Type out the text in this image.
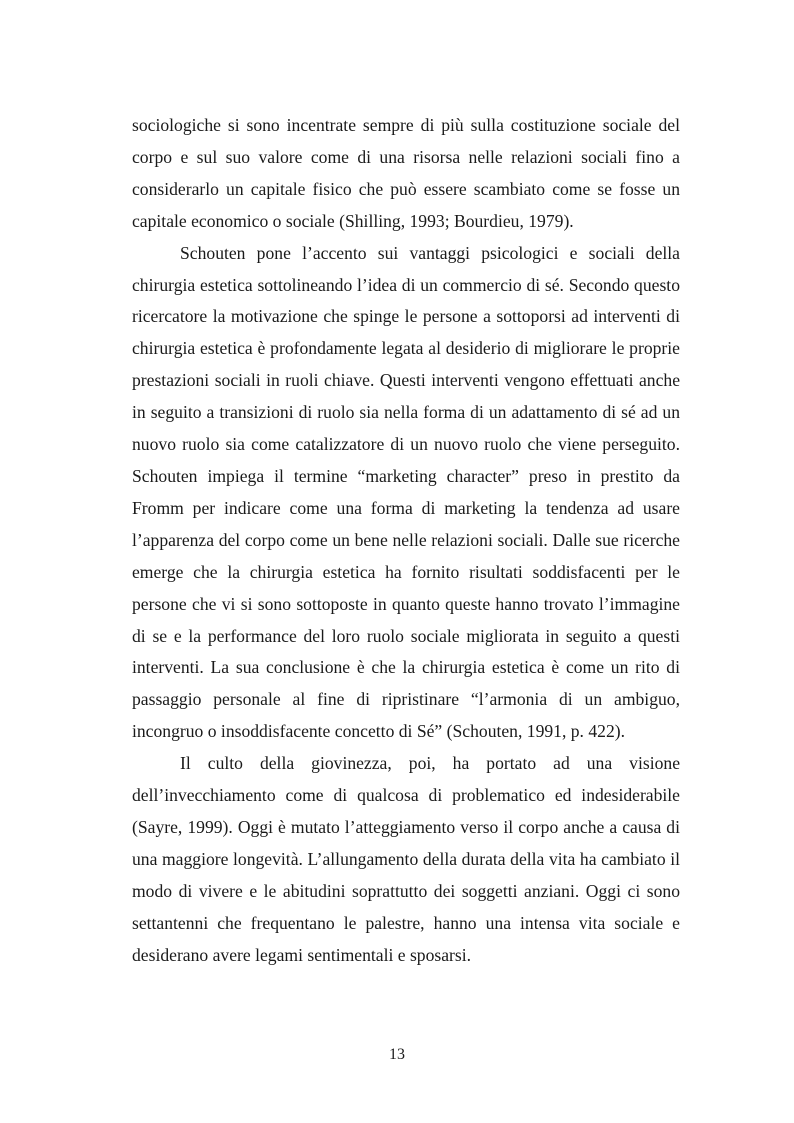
sociologiche si sono incentrate sempre di più sulla costituzione sociale del corpo e sul suo valore come di una risorsa nelle relazioni sociali fino a considerarlo un capitale fisico che può essere scambiato come se fosse un capitale economico o sociale (Shilling, 1993; Bourdieu, 1979).

Schouten pone l’accento sui vantaggi psicologici e sociali della chirurgia estetica sottolineando l’idea di un commercio di sé. Secondo questo ricercatore la motivazione che spinge le persone a sottoporsi ad interventi di chirurgia estetica è profondamente legata al desiderio di migliorare le proprie prestazioni sociali in ruoli chiave. Questi interventi vengono effettuati anche in seguito a transizioni di ruolo sia nella forma di un adattamento di sé ad un nuovo ruolo sia come catalizzatore di un nuovo ruolo che viene perseguito. Schouten impiega il termine “marketing character” preso in prestito da Fromm per indicare come una forma di marketing la tendenza ad usare l’apparenza del corpo come un bene nelle relazioni sociali. Dalle sue ricerche emerge che la chirurgia estetica ha fornito risultati soddisfacenti per le persone che vi si sono sottoposte in quanto queste hanno trovato l’immagine di se e la performance del loro ruolo sociale migliorata in seguito a questi interventi. La sua conclusione è che la chirurgia estetica è come un rito di passaggio personale al fine di ripristinare “l’armonia di un ambiguo, incongruo o insoddisfacente concetto di Sé” (Schouten, 1991, p. 422).

Il culto della giovinezza, poi, ha portato ad una visione dell’invecchiamento come di qualcosa di problematico ed indesiderabile (Sayre, 1999). Oggi è mutato l’atteggiamento verso il corpo anche a causa di una maggiore longevità. L’allungamento della durata della vita ha cambiato il modo di vivere e le abitudini soprattutto dei soggetti anziani. Oggi ci sono settantenni che frequentano le palestre, hanno una intensa vita sociale e desiderano avere legami sentimentali e sposarsi.

13
